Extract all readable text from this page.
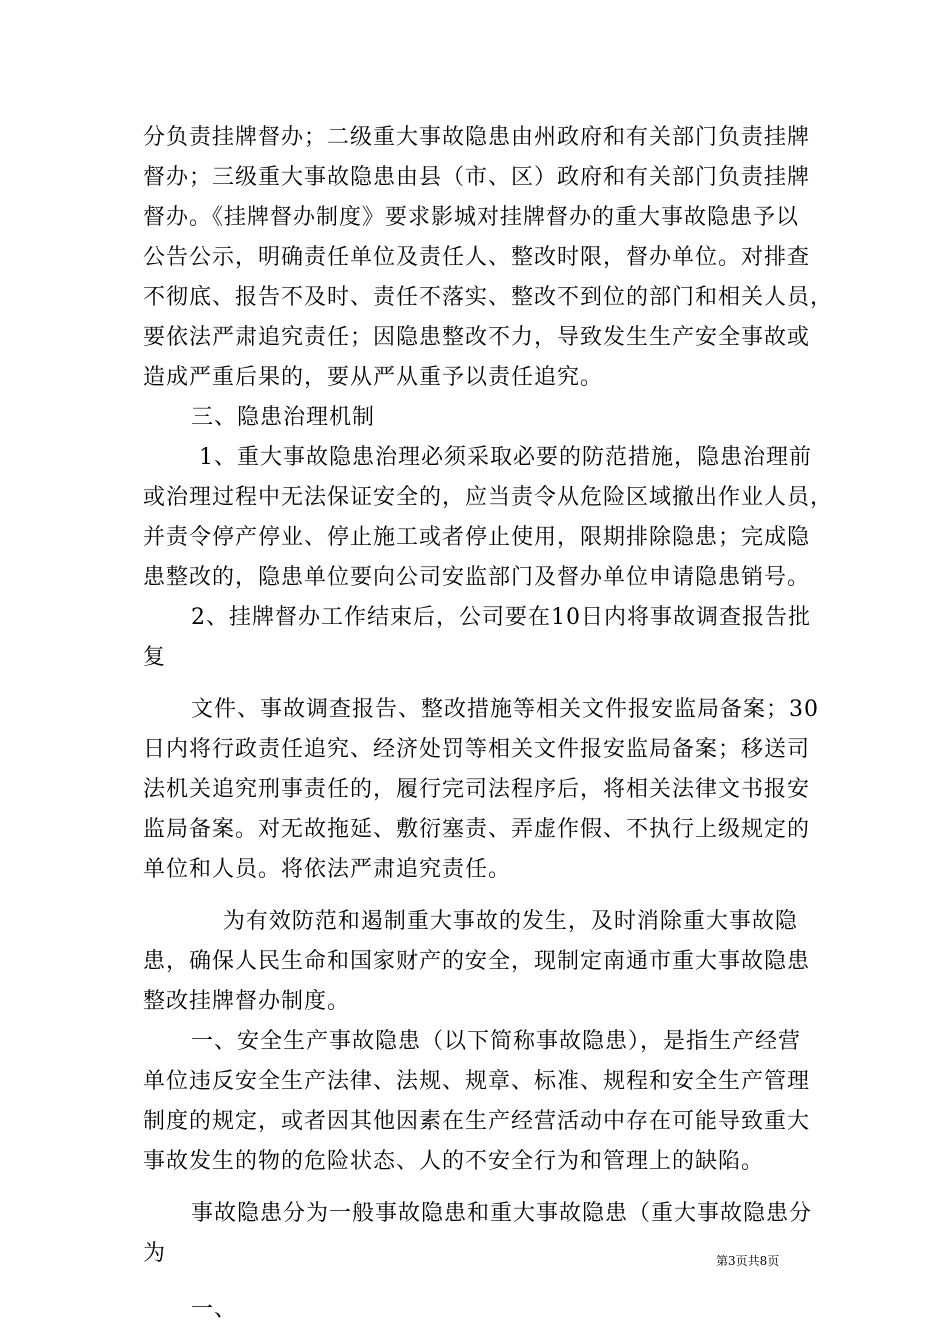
分负责挂牌督办；二级重大事故隐患由州政府和有关部门负责挂牌
督办；三级重大事故隐患由县（市、区）政府和有关部门负责挂牌
督办。《挂牌督办制度》要求影城对挂牌督办的重大事故隐患予以
公告公示，明确责任单位及责任人、整改时限，督办单位。对排查
不彻底、报告不及时、责任不落实、整改不到位的部门和相关人员，
要依法严肃追究责任；因隐患整改不力，导致发生生产安全事故或
造成严重后果的，要从严从重予以责任追究。
三、隐患治理机制
1、重大事故隐患治理必须采取必要的防范措施，隐患治理前
或治理过程中无法保证安全的，应当责令从危险区域撤出作业人员，
并责令停产停业、停止施工或者停止使用，限期排除隐患；完成隐
患整改的，隐患单位要向公司安监部门及督办单位申请隐患销号。
2、挂牌督办工作结束后，公司要在10日内将事故调查报告批
复
文件、事故调查报告、整改措施等相关文件报安监局备案；30
日内将行政责任追究、经济处罚等相关文件报安监局备案；移送司
法机关追究刑事责任的，履行完司法程序后，将相关法律文书报安
监局备案。对无故拖延、敷衍塞责、弄虚作假、不执行上级规定的
单位和人员。将依法严肃追究责任。
为有效防范和遏制重大事故的发生，及时消除重大事故隐
患，确保人民生命和国家财产的安全，现制定南通市重大事故隐患
整改挂牌督办制度。
一、安全生产事故隐患（以下简称事故隐患），是指生产经营
单位违反安全生产法律、法规、规章、标准、规程和安全生产管理
制度的规定，或者因其他因素在生产经营活动中存在可能导致重大
事故发生的物的危险状态、人的不安全行为和管理上的缺陷。
事故隐患分为一般事故隐患和重大事故隐患（重大事故隐患分
为
一、
第3页共8页
